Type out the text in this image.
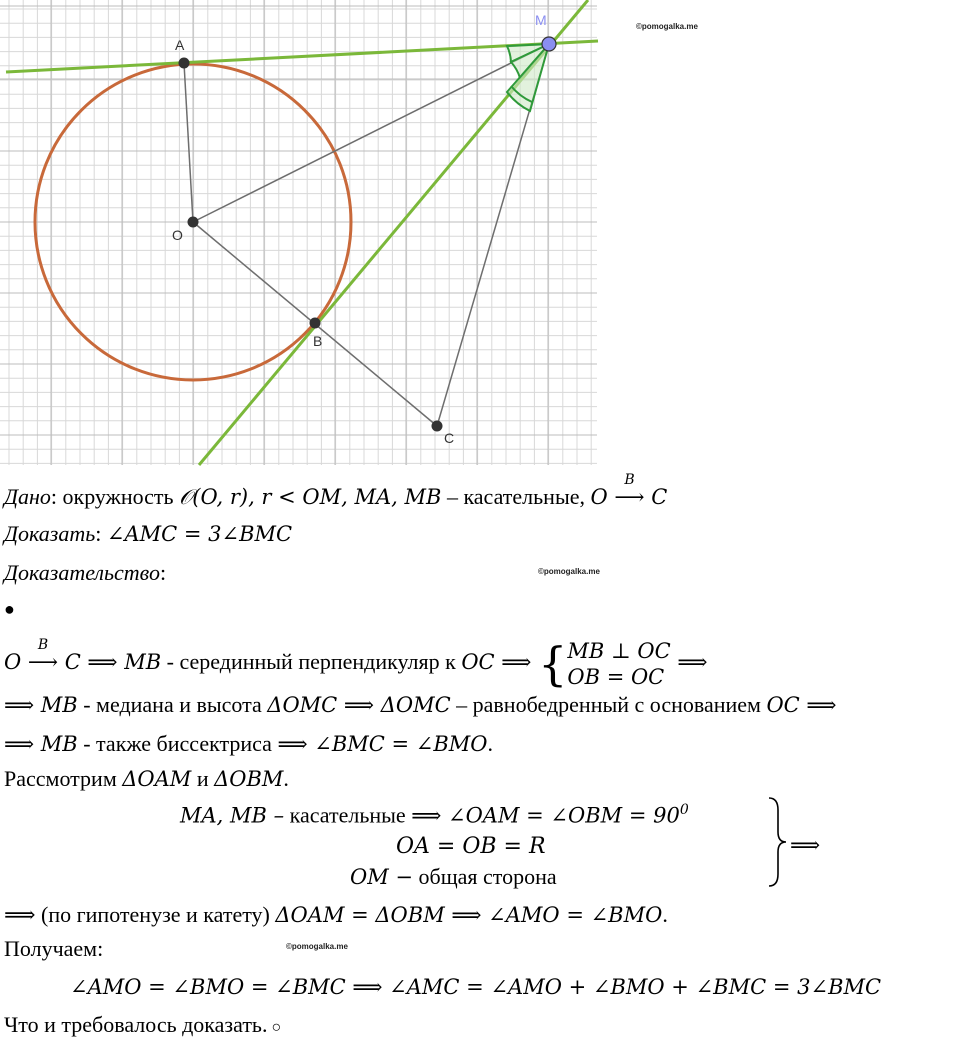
A
O
B
C
M	©pomogalka.me
©pomogalka.me
©pomogalka.me
Дано: окружность 𝒪(O, r), r < OM, MA, MB – касательные, O
B
⟶ C
Доказать: ∠AMC = 3∠BMC
Доказательство:
●
O
B
⟶ C ⟹ MB - серединный перпендикуляр к OC ⟹ { MB ⊥ OC
OB = OC
⟹
⟹ MB - медиана и высота ΔOMC ⟹ ΔOMC – равнобедренный с основанием OC ⟹
⟹ MB - также биссектриса ⟹ ∠BMC = ∠BMO.
Рассмотрим ΔOAM и ΔOBM.
MA, MB – касательные ⟹ ∠OAM = ∠OBM = $90^0$
OA = OB = R
OM − общая сторона
⟹
⟹ (по гипотенузе и катету) ΔOAM = ΔOBM ⟹ ∠AMO = ∠BMO.
Получаем:
∠AMO = ∠BMO = ∠BMC ⟹ ∠AMC = ∠AMO + ∠BMO + ∠BMC = 3∠BMC
Что и требовалось доказать. ○
